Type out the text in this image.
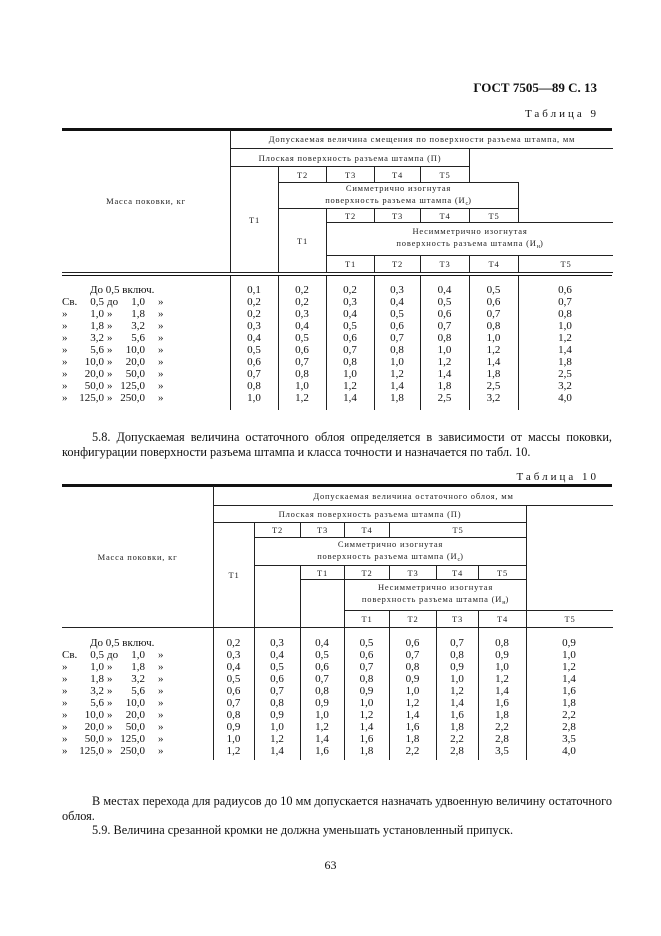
ГОСТ 7505—89 С. 13
Таблица 9
5.8. Допускаемая величина остаточного облоя определяется в зависимости от массы поковки, конфигурации поверхности разъема штампа и класса точности и назначается по табл. 10.
Таблица 10
В местах перехода для радиусов до 10 мм допускается назначать удвоенную величину остаточного облоя.
5.9. Величина срезанной кромки не должна уменьшать установленный припуск.
63
Масса поковки, кг
Допускаемая величина смещения по поверхности разъема штампа, мм
Плоская поверхность разъема штампа (П)
Т1
Т2	Т3	Т4	Т5
Симметрично изогнутая
поверхность разъема штампа $(И_с)$
Т1
Т2	Т3	Т4	Т5
Несимметрично изогнутая
поверхность разъема штампа $(И_н)$
Т1	Т2	Т3	Т4	Т5
До 0,5 включ.	0,1	0,2	0,2	0,3	0,4	0,5	0,6
Св. 0,5 до 1,0 »	0,2	0,2	0,3	0,4	0,5	0,6	0,7
» 1,0 » 1,8 »	0,2	0,3	0,4	0,5	0,6	0,7	0,8
» 1,8 » 3,2 »	0,3	0,4	0,5	0,6	0,7	0,8	1,0
» 3,2 » 5,6 »	0,4	0,5	0,6	0,7	0,8	1,0	1,2
» 5,6 » 10,0 »	0,5	0,6	0,7	0,8	1,0	1,2	1,4
» 10,0 » 20,0 »	0,6	0,7	0,8	1,0	1,2	1,4	1,8
» 20,0 » 50,0 »	0,7	0,8	1,0	1,2	1,4	1,8	2,5
» 50,0 » 125,0 »	0,8	1,0	1,2	1,4	1,8	2,5	3,2
» 125,0 » 250,0 »	1,0	1,2	1,4	1,8	2,5	3,2	4,0
Масса поковки, кг
Допускаемая величина остаточного облоя, мм
Плоская поверхность разъема штампа (П)
Т1
Т2	Т3	Т4	Т5
Симметрично изогнутая
поверхность разъема штампа $(И_с)$
Т1	Т2	Т3	Т4	Т5
Несимметрично изогнутая
поверхность разъема штампа $(И_н)$
Т1	Т2	Т3	Т4	Т5
До 0,5 включ.	0,2	0,3	0,4	0,5	0,6	0,7	0,8	0,9
Св. 0,5 до 1,0 »	0,3	0,4	0,5	0,6	0,7	0,8	0,9	1,0
» 1,0 » 1,8 »	0,4	0,5	0,6	0,7	0,8	0,9	1,0	1,2
» 1,8 » 3,2 »	0,5	0,6	0,7	0,8	0,9	1,0	1,2	1,4
» 3,2 » 5,6 »	0,6	0,7	0,8	0,9	1,0	1,2	1,4	1,6
» 5,6 » 10,0 »	0,7	0,8	0,9	1,0	1,2	1,4	1,6	1,8
» 10,0 » 20,0 »	0,8	0,9	1,0	1,2	1,4	1,6	1,8	2,2
» 20,0 » 50,0 »	0,9	1,0	1,2	1,4	1,6	1,8	2,2	2,8
» 50,0 » 125,0 »	1,0	1,2	1,4	1,6	1,8	2,2	2,8	3,5
» 125,0 » 250,0 »	1,2	1,4	1,6	1,8	2,2	2,8	3,5	4,0
